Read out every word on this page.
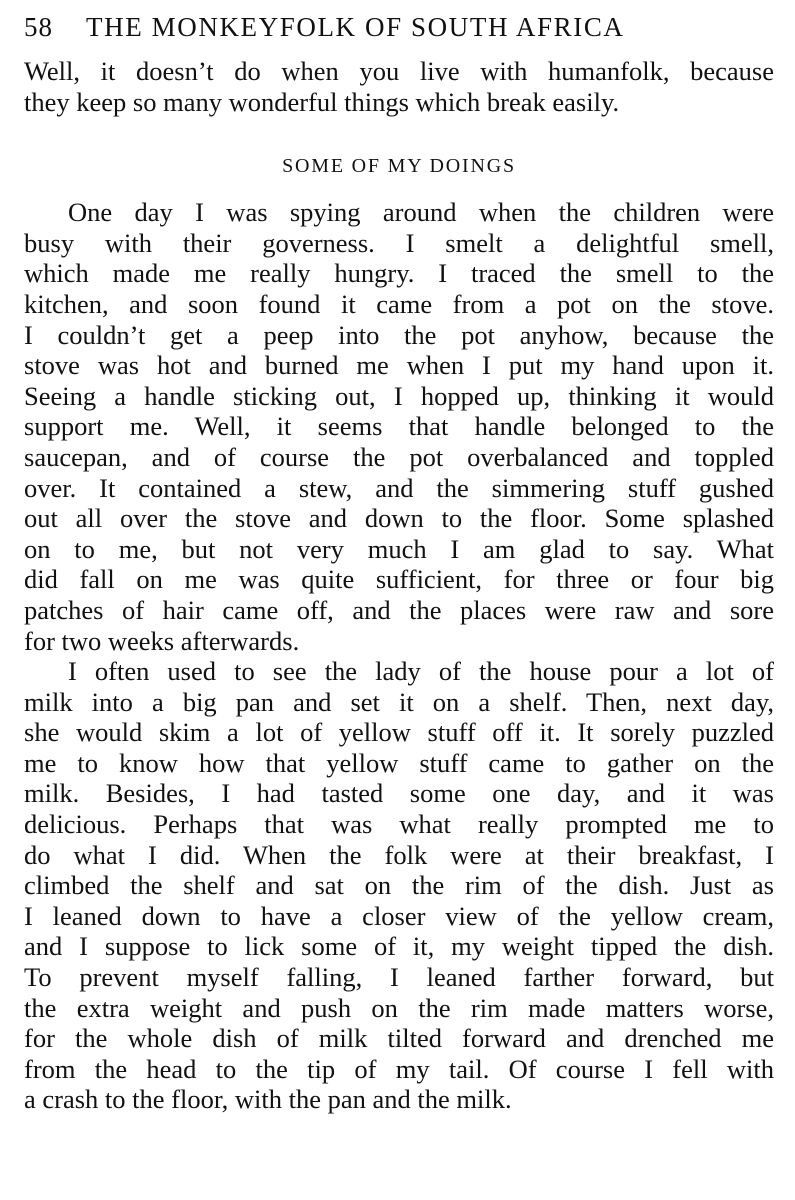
58	THE MONKEYFOLK OF SOUTH AFRICA
Well, it doesn’t do when you live with humanfolk, because
they keep so many wonderful things which break easily.
SOME OF MY DOINGS
One day I was spying around when the children were
busy with their governess. I smelt a delightful smell,
which made me really hungry. I traced the smell to the
kitchen, and soon found it came from a pot on the stove.
I couldn’t get a peep into the pot anyhow, because the
stove was hot and burned me when I put my hand upon it.
Seeing a handle sticking out, I hopped up, thinking it would
support me. Well, it seems that handle belonged to the
saucepan, and of course the pot overbalanced and toppled
over. It contained a stew, and the simmering stuff gushed
out all over the stove and down to the floor. Some splashed
on to me, but not very much I am glad to say. What
did fall on me was quite sufficient, for three or four big
patches of hair came off, and the places were raw and sore
for two weeks afterwards.
I often used to see the lady of the house pour a lot of
milk into a big pan and set it on a shelf. Then, next day,
she would skim a lot of yellow stuff off it. It sorely puzzled
me to know how that yellow stuff came to gather on the
milk. Besides, I had tasted some one day, and it was
delicious. Perhaps that was what really prompted me to
do what I did. When the folk were at their breakfast, I
climbed the shelf and sat on the rim of the dish. Just as
I leaned down to have a closer view of the yellow cream,
and I suppose to lick some of it, my weight tipped the dish.
To prevent myself falling, I leaned farther forward, but
the extra weight and push on the rim made matters worse,
for the whole dish of milk tilted forward and drenched me
from the head to the tip of my tail. Of course I fell with
a crash to the floor, with the pan and the milk.
